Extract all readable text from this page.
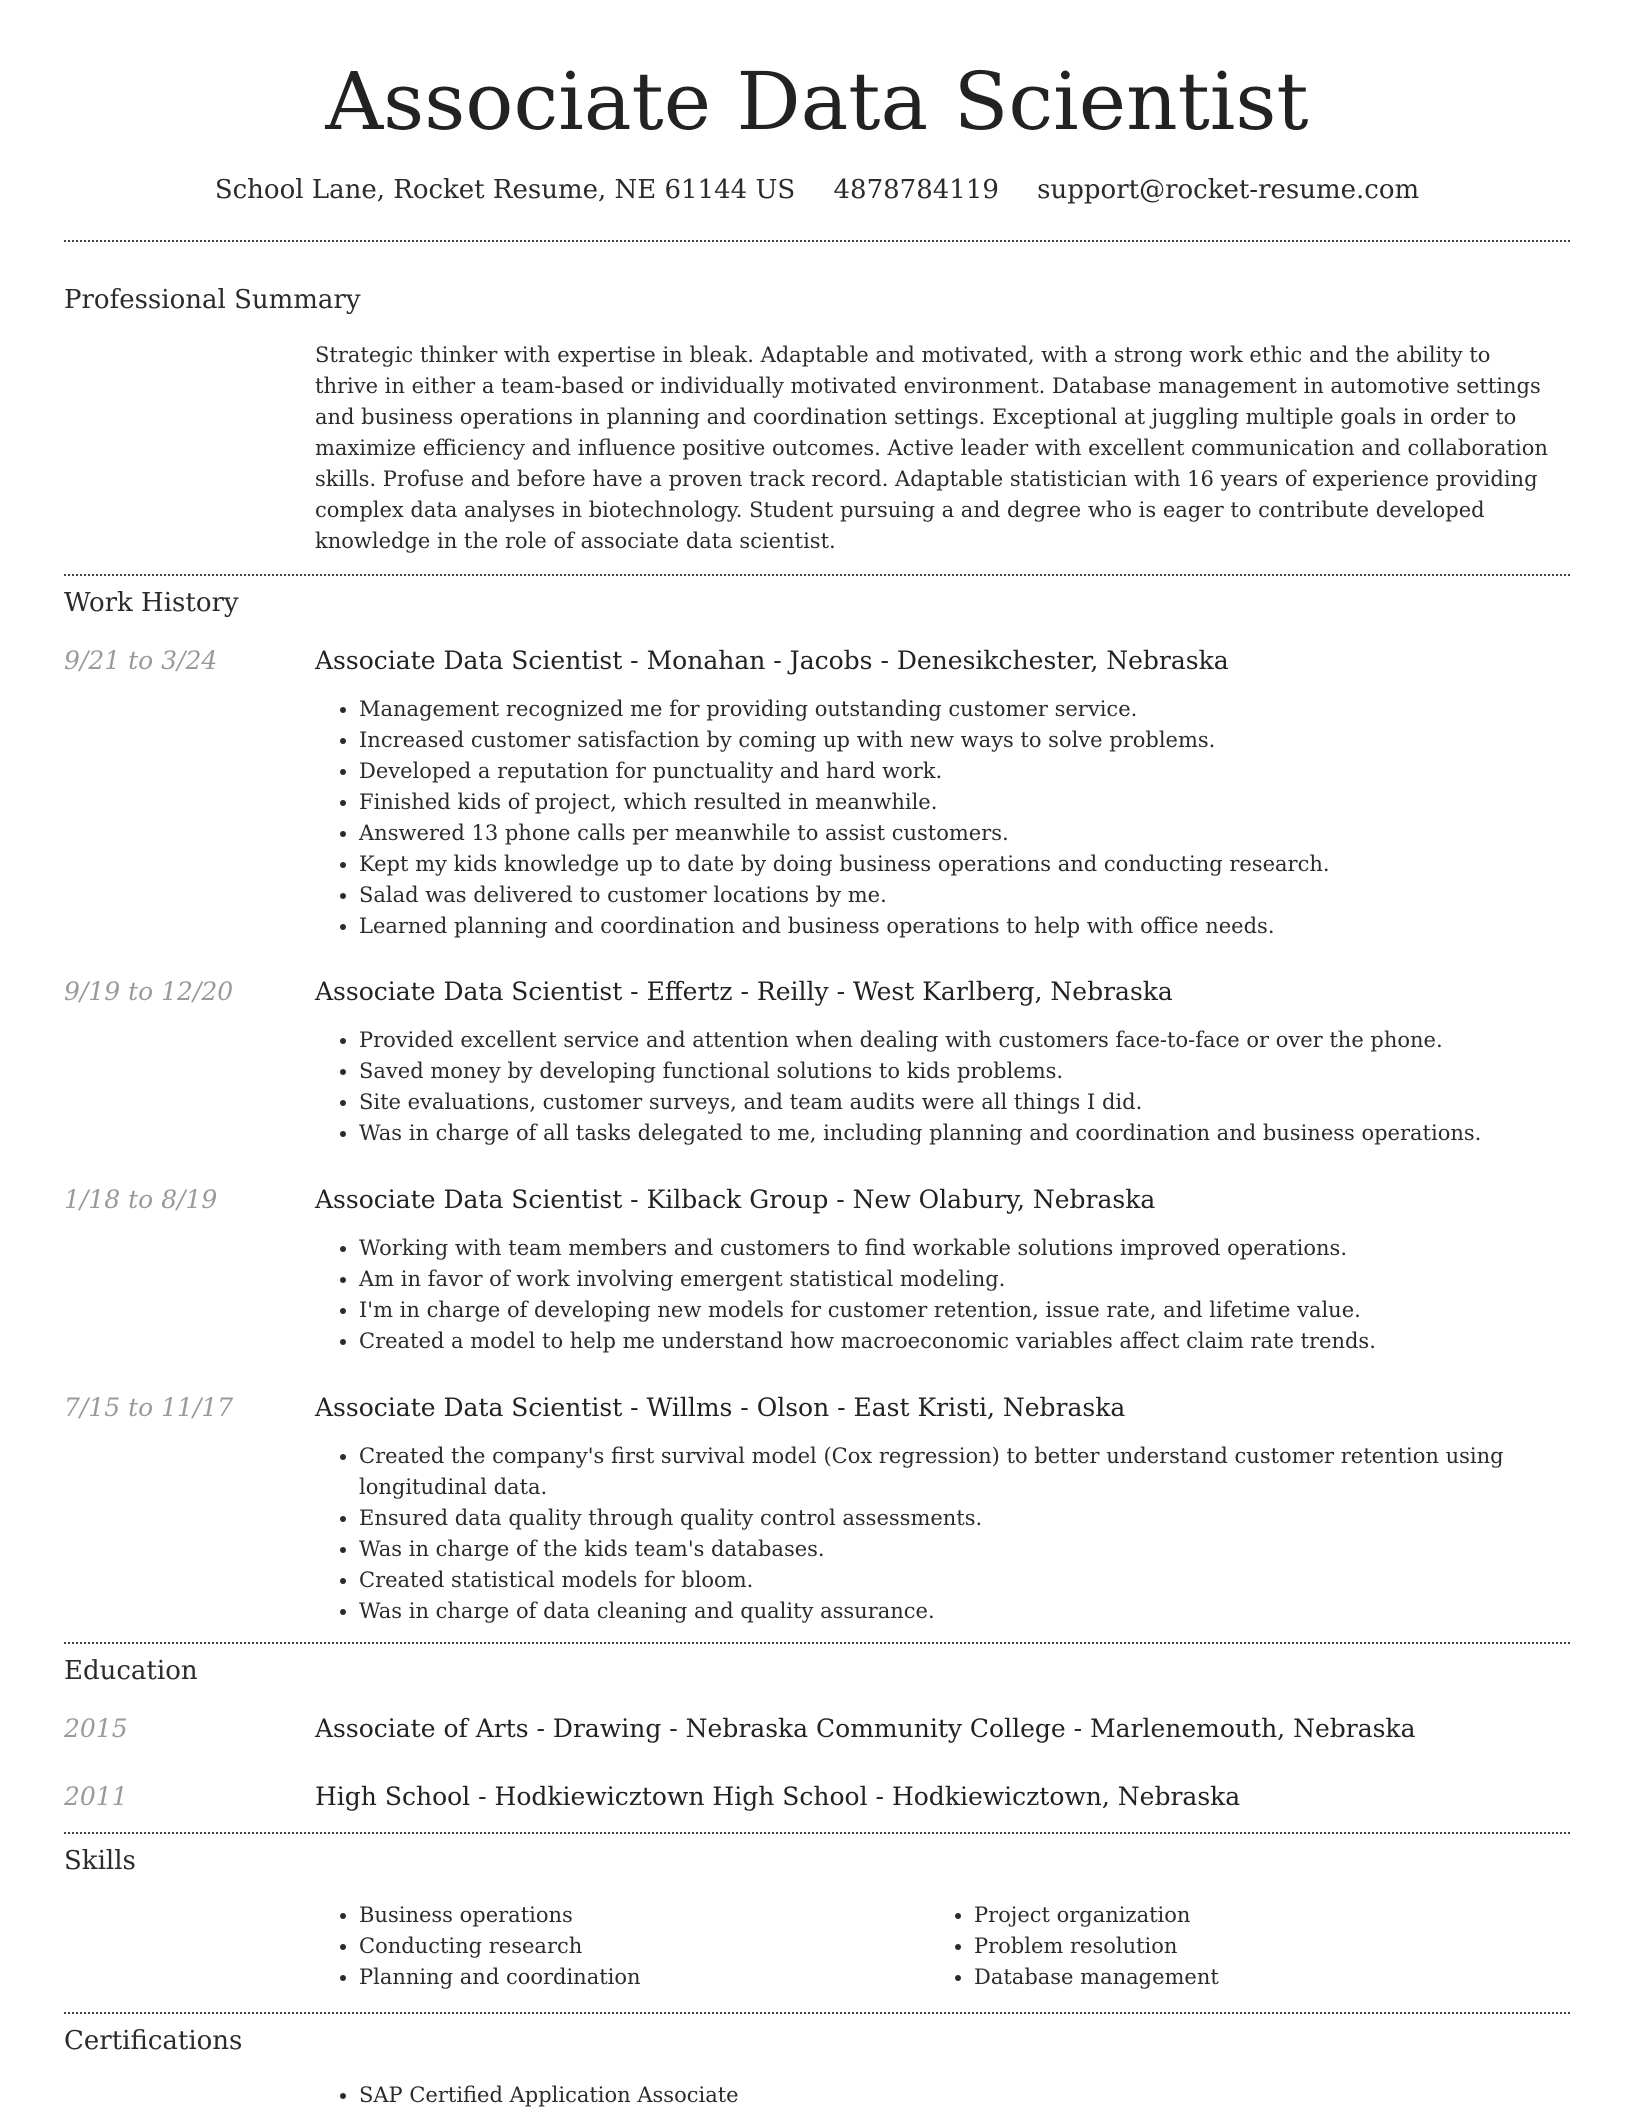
Associate Data Scientist
School Lane, Rocket Resume, NE 61144 US 4878784119 support@rocket-resume.com
Professional Summary

Strategic thinker with expertise in bleak. Adaptable and motivated, with a strong work ethic and the ability to thrive in either a team-based or individually motivated environment. Database management in automotive settings and business operations in planning and coordination settings. Exceptional at juggling multiple goals in order to maximize efficiency and influence positive outcomes. Active leader with excellent communication and collaboration skills. Profuse and before have a proven track record. Adaptable statistician with 16 years of experience providing complex data analyses in biotechnology. Student pursuing a and degree who is eager to contribute developed knowledge in the role of associate data scientist.

Work History
9/21 to 3/24	Associate Data Scientist - Monahan - Jacobs - Denesikchester, Nebraska
• Management recognized me for providing outstanding customer service.
• Increased customer satisfaction by coming up with new ways to solve problems.
• Developed a reputation for punctuality and hard work.
• Finished kids of project, which resulted in meanwhile.
• Answered 13 phone calls per meanwhile to assist customers.
• Kept my kids knowledge up to date by doing business operations and conducting research.
• Salad was delivered to customer locations by me.
• Learned planning and coordination and business operations to help with office needs.
9/19 to 12/20	Associate Data Scientist - Effertz - Reilly - West Karlberg, Nebraska
• Provided excellent service and attention when dealing with customers face-to-face or over the phone.
• Saved money by developing functional solutions to kids problems.
• Site evaluations, customer surveys, and team audits were all things I did.
• Was in charge of all tasks delegated to me, including planning and coordination and business operations.
1/18 to 8/19	Associate Data Scientist - Kilback Group - New Olabury, Nebraska
• Working with team members and customers to find workable solutions improved operations.
• Am in favor of work involving emergent statistical modeling.
• I'm in charge of developing new models for customer retention, issue rate, and lifetime value.
• Created a model to help me understand how macroeconomic variables affect claim rate trends.
7/15 to 11/17	Associate Data Scientist - Willms - Olson - East Kristi, Nebraska
• Created the company's first survival model (Cox regression) to better understand customer retention using longitudinal data.
• Ensured data quality through quality control assessments.
• Was in charge of the kids team's databases.
• Created statistical models for bloom.
• Was in charge of data cleaning and quality assurance.
Education
2015	Associate of Arts - Drawing - Nebraska Community College - Marlenemouth, Nebraska
2011	High School - Hodkiewicztown High School - Hodkiewicztown, Nebraska
Skills
• Business operations
• Conducting research
• Planning and coordination
• Project organization
• Problem resolution
• Database management
Certifications
• SAP Certified Application Associate
